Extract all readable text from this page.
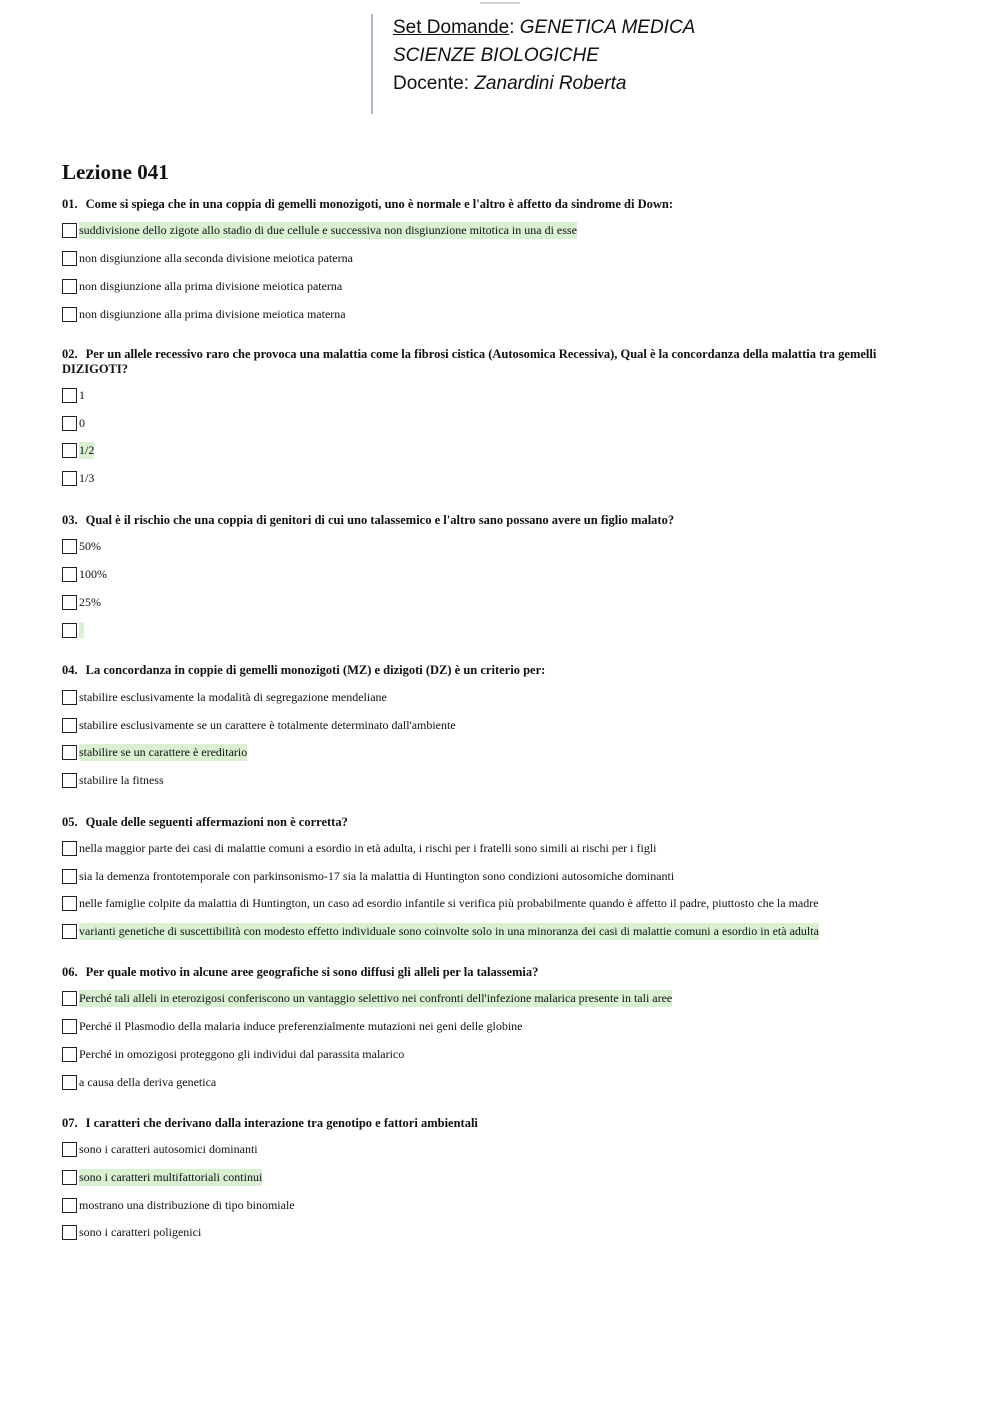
Set Domande: GENETICA MEDICA
SCIENZE BIOLOGICHE
Docente: Zanardini Roberta
Lezione 041
01. Come si spiega che in una coppia di gemelli monozigoti, uno è normale e l'altro è affetto da sindrome di Down:
suddivisione dello zigote allo stadio di due cellule e successiva non disgiunzione mitotica in una di esse
non disgiunzione alla seconda divisione meiotica paterna
non disgiunzione alla prima divisione meiotica paterna
non disgiunzione alla prima divisione meiotica materna
02. Per un allele recessivo raro che provoca una malattia come la fibrosi cistica (Autosomica Recessiva), Qual è la concordanza della malattia tra gemelli DIZIGOTI?
1
0
1/2
1/3
03. Qual è il rischio che una coppia di genitori di cui uno talassemico e l'altro sano possano avere un figlio malato?
50%
100%
25%
04. La concordanza in coppie di gemelli monozigoti (MZ) e dizigoti (DZ) è un criterio per:
stabilire esclusivamente la modalità di segregazione mendeliane
stabilire esclusivamente se un carattere è totalmente determinato dall'ambiente
stabilire se un carattere è ereditario
stabilire la fitness
05. Quale delle seguenti affermazioni non è corretta?
nella maggior parte dei casi di malattie comuni a esordio in età adulta, i rischi per i fratelli sono simili ai rischi per i figli
sia la demenza frontotemporale con parkinsonismo-17 sia la malattia di Huntington sono condizioni autosomiche dominanti
nelle famiglie colpite da malattia di Huntington, un caso ad esordio infantile si verifica più probabilmente quando è affetto il padre, piuttosto che la madre
varianti genetiche di suscettibilità con modesto effetto individuale sono coinvolte solo in una minoranza dei casi di malattie comuni a esordio in età adulta
06. Per quale motivo in alcune aree geografiche si sono diffusi gli alleli per la talassemia?
Perché tali alleli in eterozigosi conferiscono un vantaggio selettivo nei confronti dell'infezione malarica presente in tali aree
Perché il Plasmodio della malaria induce preferenzialmente mutazioni nei geni delle globine
Perché in omozigosi proteggono gli individui dal parassita malarico
a causa della deriva genetica
07. I caratteri che derivano dalla interazione tra genotipo e fattori ambientali
sono i caratteri autosomici dominanti
sono i caratteri multifattoriali continui
mostrano una distribuzione di tipo binomiale
sono i caratteri poligenici
